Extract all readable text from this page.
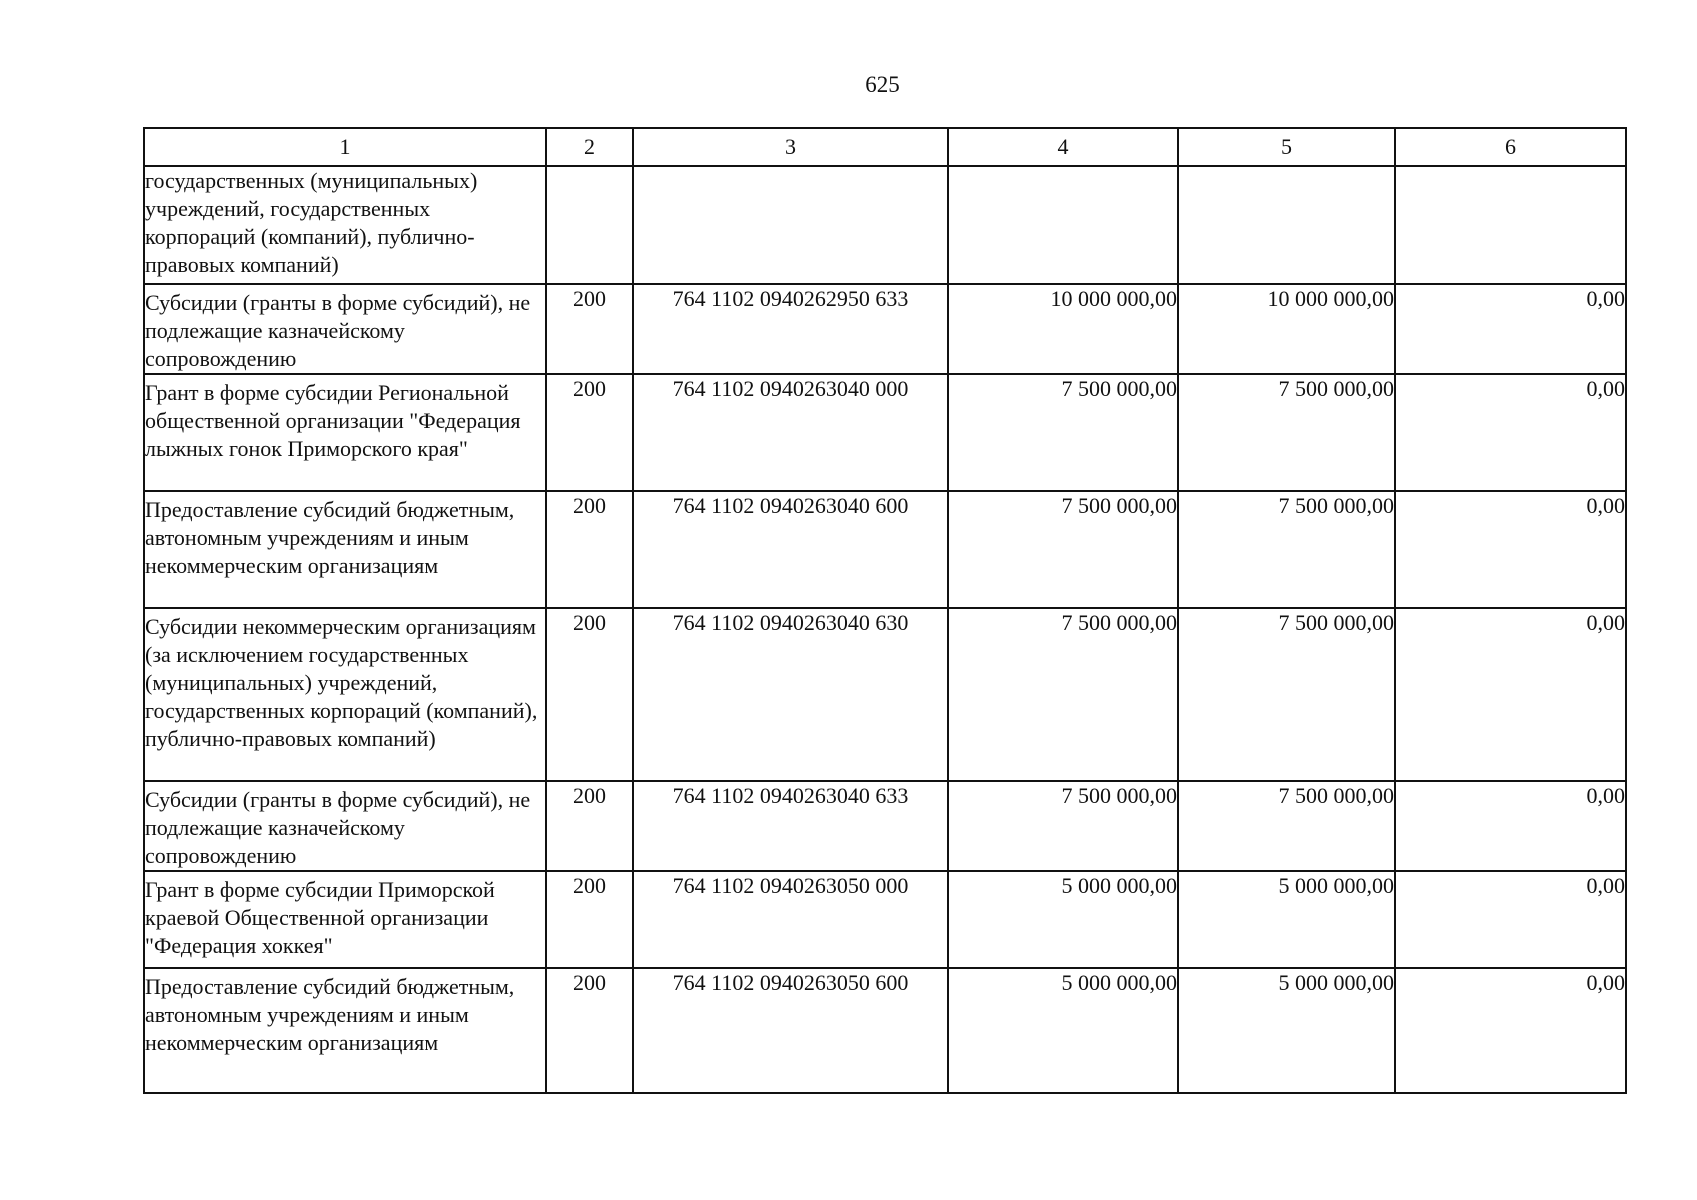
625
1	2	3	4	5	6
государственных (муниципальных) учреждений, государственных корпораций (компаний), публично-правовых компаний)					
Субсидии (гранты в форме субсидий), не подлежащие казначейскому сопровождению	200	764 1102 0940262950 633	10 000 000,00	10 000 000,00	0,00
Грант в форме субсидии Региональной общественной организации "Федерация лыжных гонок Приморского края"	200	764 1102 0940263040 000	7 500 000,00	7 500 000,00	0,00
Предоставление субсидий бюджетным, автономным учреждениям и иным некоммерческим организациям	200	764 1102 0940263040 600	7 500 000,00	7 500 000,00	0,00
Субсидии некоммерческим организациям (за исключением государственных (муниципальных) учреждений, государственных корпораций (компаний), публично-правовых компаний)	200	764 1102 0940263040 630	7 500 000,00	7 500 000,00	0,00
Субсидии (гранты в форме субсидий), не подлежащие казначейскому сопровождению	200	764 1102 0940263040 633	7 500 000,00	7 500 000,00	0,00
Грант в форме субсидии Приморской краевой Общественной организации "Федерация хоккея"	200	764 1102 0940263050 000	5 000 000,00	5 000 000,00	0,00
Предоставление субсидий бюджетным, автономным учреждениям и иным некоммерческим организациям	200	764 1102 0940263050 600	5 000 000,00	5 000 000,00	0,00
